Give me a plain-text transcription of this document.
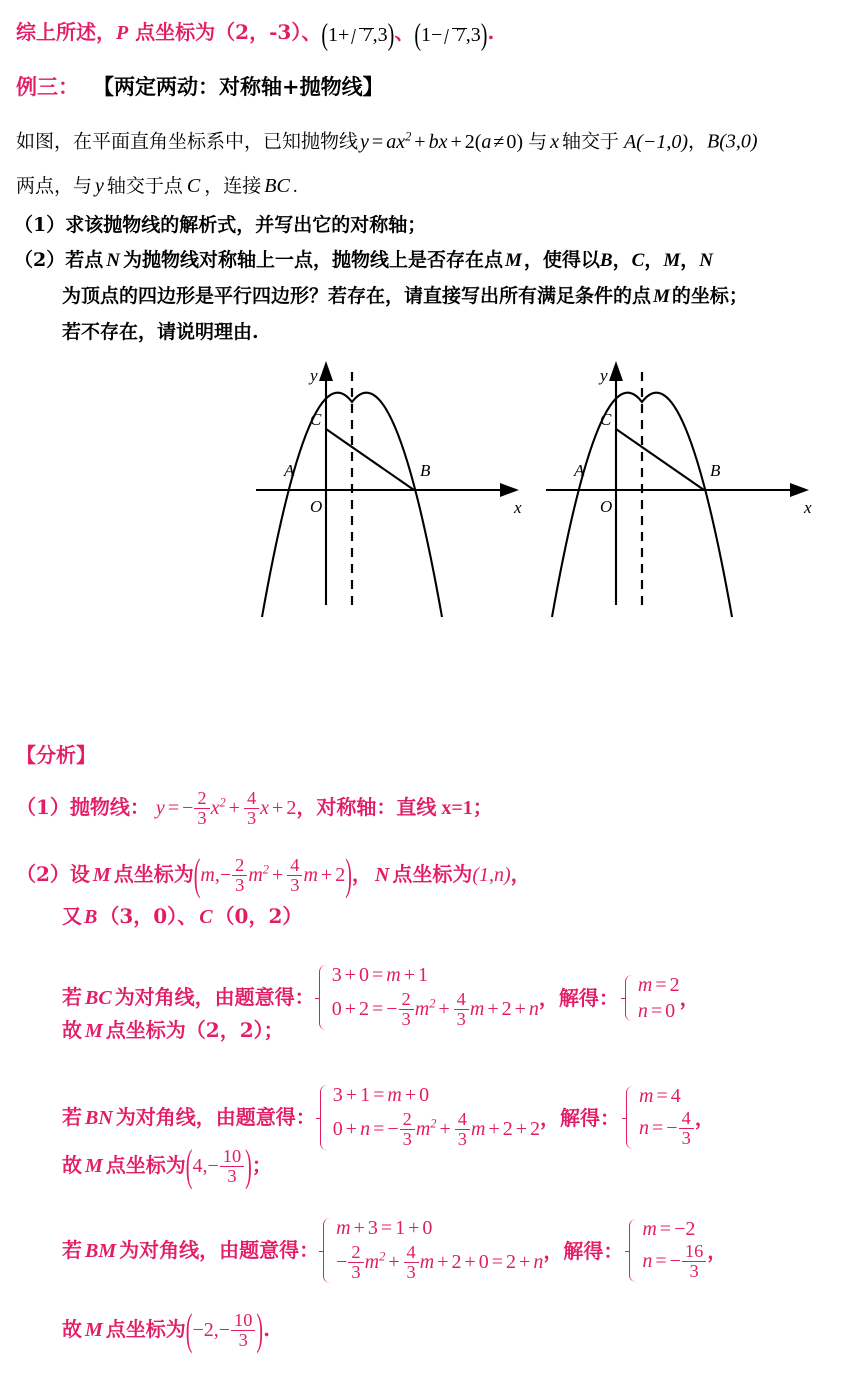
综上所述，P 点坐标为（2，-3）、(1+ 7,3)、(1− 7,3).
例三： 【两定两动：对称轴+抛物线】
如图，在平面直角坐标系中，已知抛物线 $y = ax^2$ + bx + 2(a ≠ 0) 与 x 轴交于 A(−1,0)，B(3,0)
两点，与 y 轴交于点 C ，连接 BC .
（1）求该抛物线的解析式，并写出它的对称轴；
（2）若点 N 为抛物线对称轴上一点，抛物线上是否存在点 M ，使得以B，C，M，N
为顶点的四边形是平行四边形？若存在，请直接写出所有满足条件的点 M 的坐标；
若不存在，请说明理由.
y
x
O
A	B
C
y
x
O
A	B
C
【分析】
（1）抛物线： y = − $\frac{2}{3} x^2 + \frac{4}{3}$ x + 2，对称轴：直线 x=1；
（2）设 M 点坐标为($m,- \frac{2}{3} m^2 + \frac{4}{3}$ m + 2)， N 点坐标为(1,n)，
又 B （3，0）、 C （0，2）
若 BC 为对角线，由题意得：
3 + 0 = m + 1
0 + 2 = − $\frac{2}{3} m^2 + \frac{4}{3}$ m + 2 + n ，解得：
m = 2
n = 0
，
故 M 点坐标为（2，2）；
若 BN 为对角线，由题意得：
3 + 1 = m + 0
0 + n = − $\frac{2}{3} m^2 + \frac{4}{3}$ m + 2 + 2 ，解得：
m = 4
n = − $\frac{4}{3}$ ，
故 M 点坐标为($4,- \frac{10}{3}$ )；
若 BM 为对角线，由题意得：
m + 3 = 1 + 0
− $\frac{2}{3} m^2 + \frac{4}{3}$ m + 2 + 0 = 2 + n ，解得：
m = −2
n = − $\frac{16}{3}$ ，
故 M 点坐标为($-2,- \frac{10}{3}$ ).
